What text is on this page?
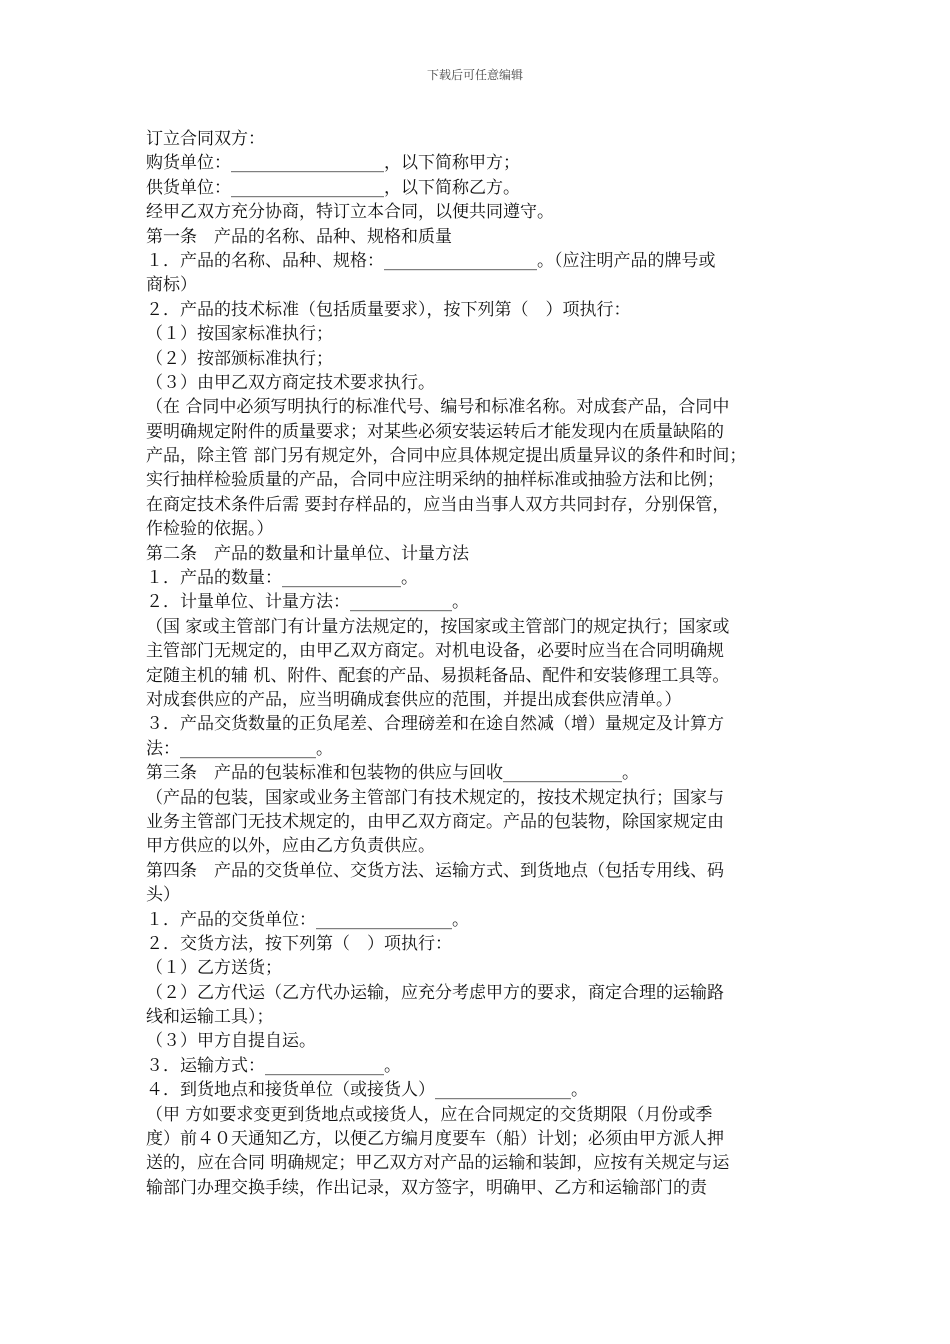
下载后可任意编辑
订立合同双方：
购货单位：__________________，以下简称甲方；
供货单位：__________________，以下简称乙方。
经甲乙双方充分协商，特订立本合同，以便共同遵守。
第一条　产品的名称、品种、规格和质量
１．产品的名称、品种、规格：__________________。（应注明产品的牌号或
商标）
２．产品的技术标准（包括质量要求），按下列第（　）项执行：
（１）按国家标准执行；
（２）按部颁标准执行；
（３）由甲乙双方商定技术要求执行。
（在 合同中必须写明执行的标准代号、编号和标准名称。对成套产品，合同中
要明确规定附件的质量要求；对某些必须安装运转后才能发现内在质量缺陷的
产品，除主管 部门另有规定外，合同中应具体规定提出质量异议的条件和时间；
实行抽样检验质量的产品，合同中应注明采纳的抽样标准或抽验方法和比例；
在商定技术条件后需 要封存样品的，应当由当事人双方共同封存，分别保管，
作检验的依据。）
第二条　产品的数量和计量单位、计量方法
１．产品的数量：______________。
２．计量单位、计量方法：____________。
（国 家或主管部门有计量方法规定的，按国家或主管部门的规定执行；国家或
主管部门无规定的，由甲乙双方商定。对机电设备，必要时应当在合同明确规
定随主机的辅 机、附件、配套的产品、易损耗备品、配件和安装修理工具等。
对成套供应的产品，应当明确成套供应的范围，并提出成套供应清单。）
３．产品交货数量的正负尾差、合理磅差和在途自然减（增）量规定及计算方
法：________________。
第三条　产品的包装标准和包装物的供应与回收______________。
（产品的包装，国家或业务主管部门有技术规定的，按技术规定执行；国家与
业务主管部门无技术规定的，由甲乙双方商定。产品的包装物，除国家规定由
甲方供应的以外，应由乙方负责供应。
第四条　产品的交货单位、交货方法、运输方式、到货地点（包括专用线、码
头）
１．产品的交货单位：________________。
２．交货方法，按下列第（　）项执行：
（１）乙方送货；
（２）乙方代运（乙方代办运输，应充分考虑甲方的要求，商定合理的运输路
线和运输工具）；
（３）甲方自提自运。
３．运输方式：______________。
４．到货地点和接货单位（或接货人）________________。
（甲 方如要求变更到货地点或接货人，应在合同规定的交货期限（月份或季
度）前４０天通知乙方，以便乙方编月度要车（船）计划；必须由甲方派人押
送的，应在合同 明确规定；甲乙双方对产品的运输和装卸，应按有关规定与运
输部门办理交换手续，作出记录，双方签字，明确甲、乙方和运输部门的责
